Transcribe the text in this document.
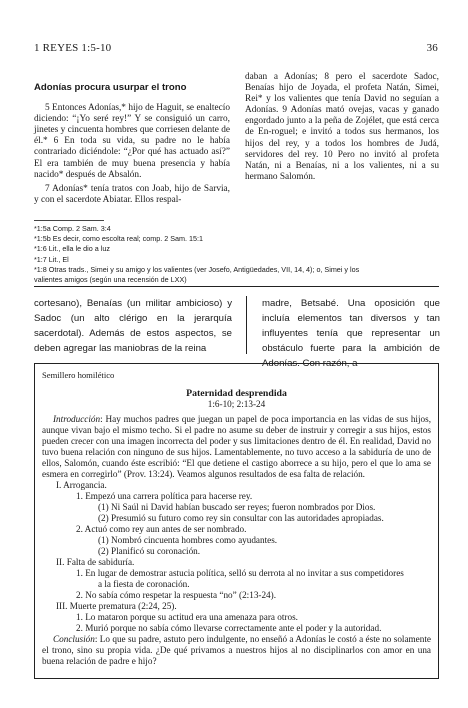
1 REYES 1:5-10	36
Adonías procura usurpar el trono

5 Entonces Adonías,* hijo de Haguit, se enaltecío diciendo: “¡Yo seré rey!” Y se consiguió un carro, jinetes y cincuenta hombres que corriesen delante de él.* 6 En toda su vida, su padre no le había contrariado diciéndole: “¿Por qué has actuado así?” El era también de muy buena presencia y había nacido* después de Absalón.

7 Adonías* tenía tratos con Joab, hijo de Sarvia, y con el sacerdote Abiatar. Ellos respal-

daban a Adonías; 8 pero el sacerdote Sadoc, Benaías hijo de Joyada, el profeta Natán, Simei, Rei* y los valientes que tenía David no seguían a Adonías. 9 Adonías mató ovejas, vacas y ganado engordado junto a la peña de Zojélet, que está cerca de En-roguel; e invitó a todos sus hermanos, los hijos del rey, y a todos los hombres de Judá, servidores del rey. 10 Pero no invitó al profeta Natán, ni a Benaías, ni a los valientes, ni a su hermano Salomón.

*1:5a Comp. 2 Sam. 3:4
*1:5b Es decir, como escolta real; comp. 2 Sam. 15:1
*1:6 Lit., ella le dio a luz
*1:7 Lit., El
*1:8 Otras trads., Simei y su amigo y los valientes (ver Josefo, Antigüedades, VII, 14, 4); o, Simei y los
valientes amigos (según una recensión de LXX)
cortesano), Benaías (un militar ambicioso) y Sadoc (un alto clérigo en la jerarquía sacerdotal). Además de estos aspectos, se deben agregar las maniobras de la reina
madre, Betsabé. Una oposición que incluía elementos tan diversos y tan influyentes tenía que representar un obstáculo fuerte para la ambición de Adonías. Con razón, a
Semillero homilético
Paternidad desprendida
1:6-10; 2:13-24

Introducción: Hay muchos padres que juegan un papel de poca importancia en las vidas de sus hijos, aunque vivan bajo el mismo techo. Si el padre no asume su deber de instruir y corregir a sus hijos, estos pueden crecer con una imagen incorrecta del poder y sus limitaciones dentro de él. En realidad, David no tuvo buena relación con ninguno de sus hijos. Lamentablemente, no tuvo acceso a la sabiduría de uno de ellos, Salomón, cuando éste escribió: “El que detiene el castigo aborrece a su hijo, pero el que lo ama se esmera en corregirlo” (Prov. 13:24). Veamos algunos resultados de esa falta de relación.

I. Arrogancia.
1. Empezó una carrera política para hacerse rey.
(1) Ni Saúl ni David habían buscado ser reyes; fueron nombrados por Dios.
(2) Presumió su futuro como rey sin consultar con las autoridades apropiadas.
2. Actuó como rey aun antes de ser nombrado.
(1) Nombró cincuenta hombres como ayudantes.
(2) Planificó su coronación.
II. Falta de sabiduría.
1. En lugar de demostrar astucia política, selló su derrota al no invitar a sus competidores
a la fiesta de coronación.
2. No sabía cómo respetar la respuesta “no” (2:13-24).
III. Muerte prematura (2:24, 25).
1. Lo mataron porque su actitud era una amenaza para otros.
2. Murió porque no sabía cómo llevarse correctamente ante el poder y la autoridad.

Conclusión: Lo que su padre, astuto pero indulgente, no enseñó a Adonías le costó a éste no solamente el trono, sino su propia vida. ¿De qué privamos a nuestros hijos al no disciplinarlos con amor en una buena relación de padre e hijo?
